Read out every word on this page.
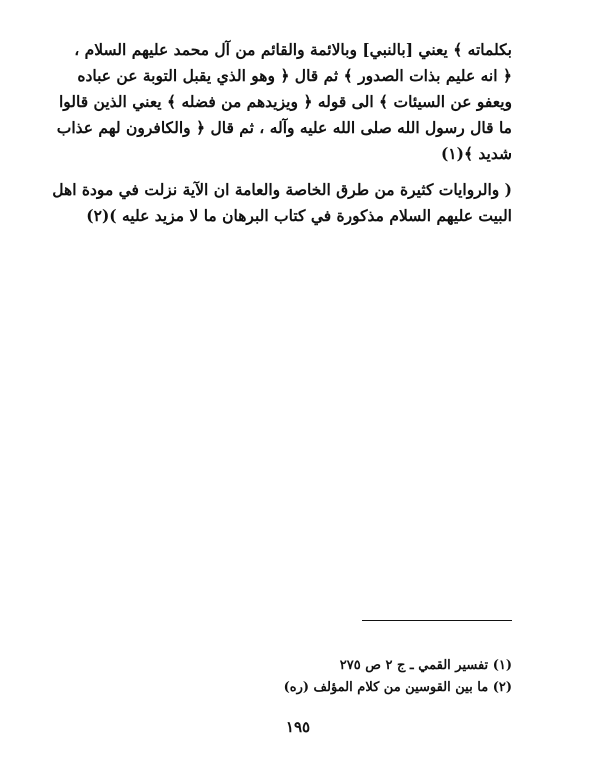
بكلماته ﴾ يعني [بالنبي] وبالائمة والقائم من آل محمد عليهم السلام ،
﴿ انه عليم بذات الصدور ﴾ ثم قال ﴿ وهو الذي يقبل التوبة عن عباده
ويعفو عن السيئات ﴾ الى قوله ﴿ ويزيدهم من فضله ﴾ يعني الذين قالوا
ما قال رسول الله صلى الله عليه وآله ، ثم قال ﴿ والكافرون لهم عذاب
شديد ﴾(١)
( والروايات كثيرة من طرق الخاصة والعامة ان الآية نزلت في مودة اهل
البيت عليهم السلام مذكورة في كتاب البرهان ما لا مزيد عليه )(٢)
(١) تفسير القمي ـ ج ٢ ص ٢٧٥
(٢) ما بين القوسين من كلام المؤلف (ره)
١٩٥
